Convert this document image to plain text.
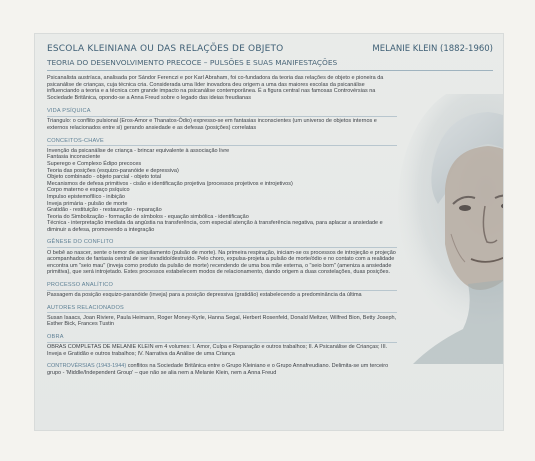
ESCOLA KLEINIANA OU DAS RELAÇÕES DE OBJETO	MELANIE KLEIN (1882-1960)
TEORIA DO DESENVOLVIMENTO PRECOCE – PULSÕES E SUAS MANIFESTAÇÕES
Psicanalista austríaca, analisada por Sándor Ferenczi e por Karl Abraham, foi co-fundadora da teoria das relações de objeto e pioneira da psicanálise de crianças, cuja técnica cria. Considerada uma líder inovadora deu origem a uma das maiores escolas da psicanálise influenciando a teoria e a técnica com grande impacto na psicanálise contemporânea. É a figura central nas famosas Controvérsias na Sociedade Britânica, opondo-se a Anna Freud sobre o legado das ideias freudianas
VIDA PSÍQUICA
Triangulo: o conflito pulsional (Eros-Amor e Thanatos-Ódio) expresso-se em fantasias inconscientes (um universo de objetos internos e externos relacionados entre si) gerando ansiedade e as defesas (posições) correlatas
CONCEITOS-CHAVE
Invenção da psicanálise de criança - brincar equivalente à associação livre
Fantasia inconsciente
Superego e Complexo Édipo precoces
Teoria das posições (esquizo-paranóide e depressiva)
Objeto combinado - objeto parcial - objeto total
Mecanismos de defesa primitivos - cisão e identificação projetiva (processos projetivos e introjetivos)
Corpo materno e espaço psíquico
Impulso epistemofílico - inibição
Inveja primária - pulsão de morte
Gratidão - restituição - restauração - reparação
Teoria do Simbolização - formação de símbolos - equação simbólica - identificação
Técnica - interpretação imediata da angústia na transferência, com especial atenção à transferência negativa, para aplacar a ansiedade e diminuir a defesa, promovendo a integração
GÊNESE DO CONFLITO
O bebê ao nascer, sente o temor de aniquilamento (pulsão de morte). Na primeira respiração, iniciam-se os processos de introjeção e projeção acompanhados de fantasia central de ser invadido/destruído. Pelo choro, expulsa-projeta a pulsão de morte/ódio e no contato com a realidade encontra um "seio mau" (inveja como produto da pulsão de morte) recendendo de uma boa mãe externa, o "seio bom" (ameniza a ansiedade primitiva), que será introjetado. Estes processos estabelecem modos de relacionamento, dando origem a duas constelações, duas posições.
PROCESSO ANALÍTICO
Passagem da posição esquizo-paranóide (inveja) para a posição depressiva (gratidão) estabelecendo a predominância da última
AUTORES RELACIONADOS
Susan Isaacs, Joan Riviere, Paula Heimann, Roger Money-Kyrle, Hanna Segal, Herbert Rosenfeld, Donald Meltzer, Wilfred Bion, Betty Joseph, Esther Bick, Frances Tustin
OBRA
OBRAS COMPLETAS DE MELANIE KLEIN em 4 volumes: I. Amor, Culpa e Reparação e outros trabalhos; II. A Psicanálise de Crianças; III. Inveja e Gratidão e outros trabalhos; IV. Narrativa da Análise de uma Criança
CONTROVÉRSIAS (1943-1944) conflitos na Sociedade Britânica entre o Grupo Kleiniano e o Grupo Annafreudiano. Delimita-se um terceiro grupo - 'Middle/Independent Group' – que não se alia nem a Melanie Klein, nem a Anna Freud
